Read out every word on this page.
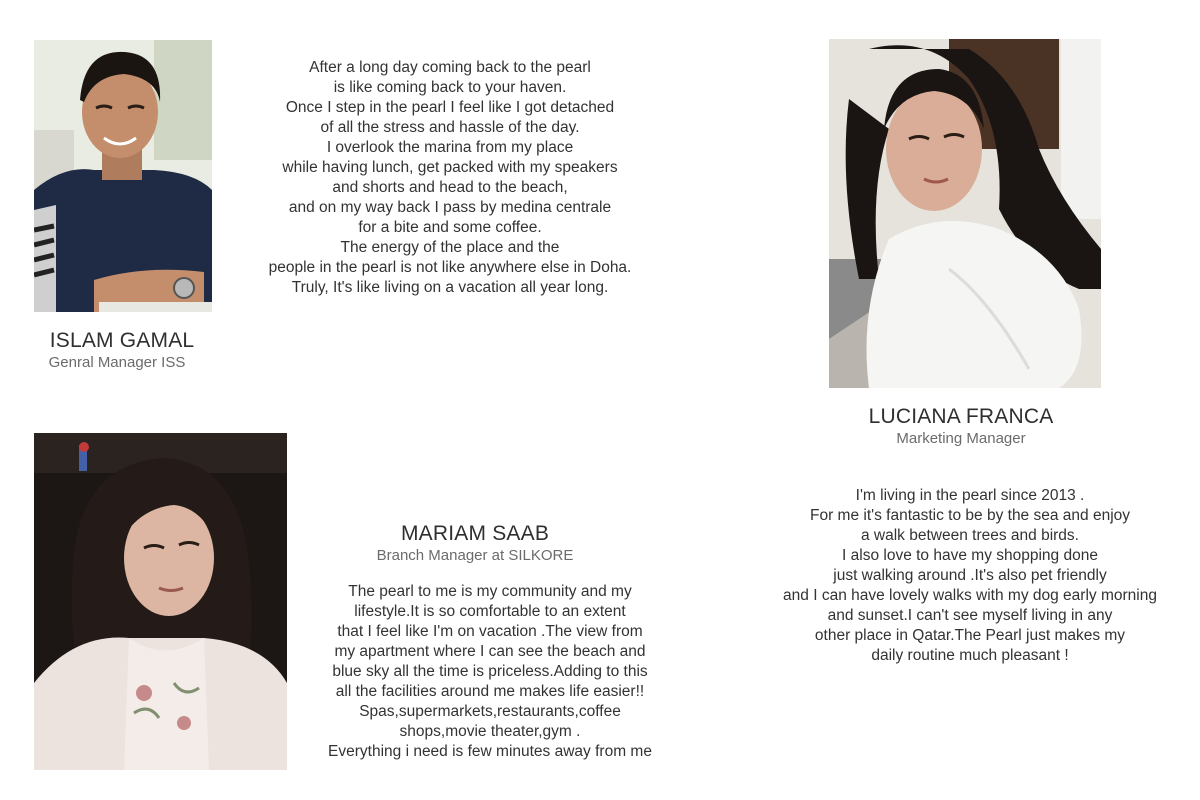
ISLAM GAMAL
Genral Manager ISS
After a long day coming back to the pearl
is like coming back to your haven.
Once I step in the pearl I feel like I got detached
of all the stress and hassle of the day.
I overlook the marina from my place
while having lunch, get packed with my speakers
and shorts and head to the beach,
and on my way back I pass by medina centrale
for a bite and some coffee.
The energy of the place and the
people in the pearl is not like anywhere else in Doha.
Truly, It's like living on a vacation all year long.
LUCIANA FRANCA
Marketing Manager
I'm living in the pearl since 2013 .
For me it's fantastic to be by the sea and enjoy
a walk between trees and birds.
I also love to have my shopping done
just walking around .It's also pet friendly
and I can have lovely walks with my dog early morning
and sunset.I can't see myself living in any
other place in Qatar.The Pearl just makes my
daily routine much pleasant !
MARIAM SAAB
Branch Manager at SILKORE
The pearl to me is my community and my
lifestyle.It is so comfortable to an extent
that I feel like I'm on vacation .The view from
my apartment where I can see the beach and
blue sky all the time is priceless.Adding to this
all the facilities around me makes life easier!!
Spas,supermarkets,restaurants,coffee
shops,movie theater,gym .
Everything i need is few minutes away from me
